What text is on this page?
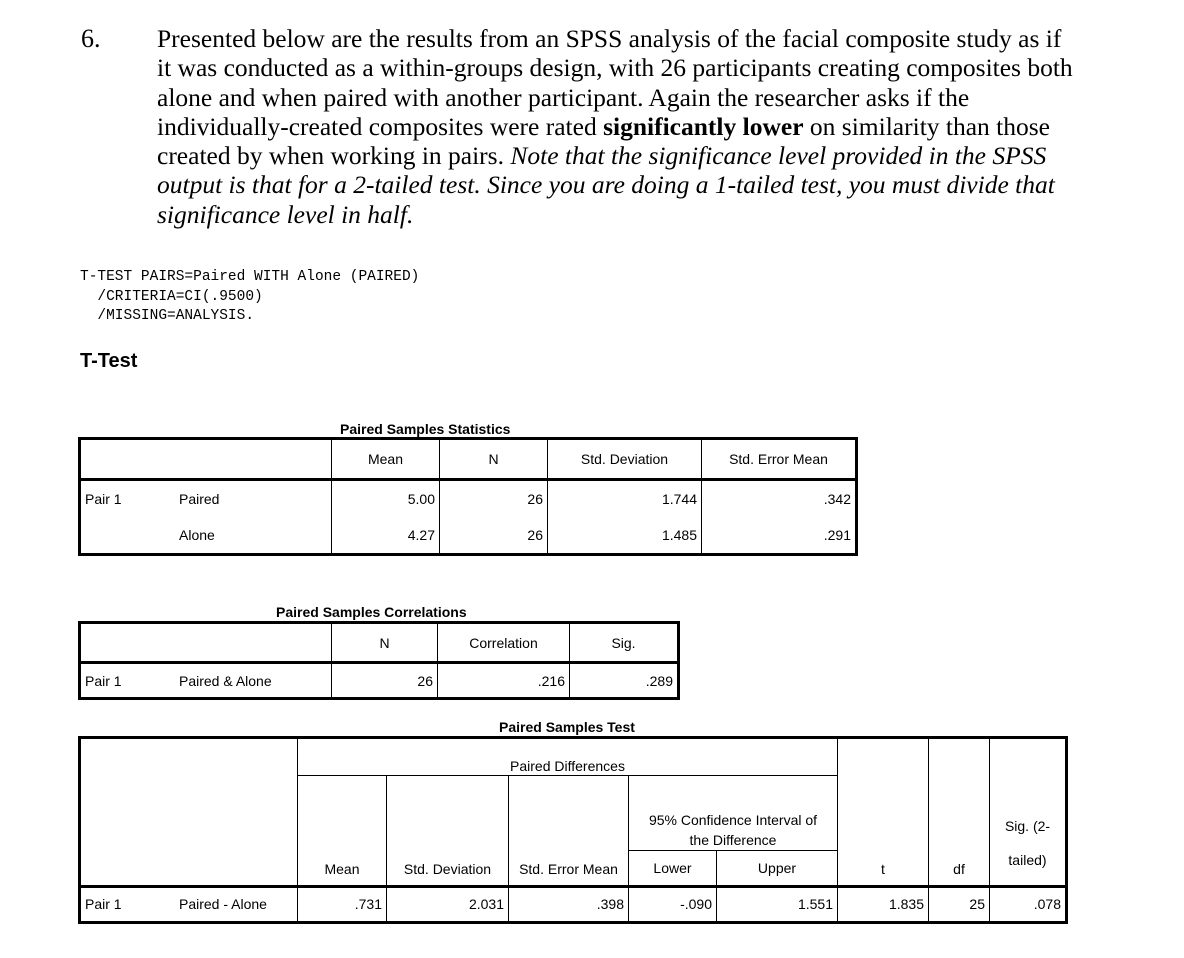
6. Presented below are the results from an SPSS analysis of the facial composite study as if
it was conducted as a within-groups design, with 26 participants creating composites both
alone and when paired with another participant. Again the researcher asks if the
individually-created composites were rated significantly lower on similarity than those
created by when working in pairs. Note that the significance level provided in the SPSS
output is that for a 2-tailed test. Since you are doing a 1-tailed test, you must divide that
significance level in half.
T-TEST PAIRS=Paired WITH Alone (PAIRED)
/CRITERIA=CI(.9500)
/MISSING=ANALYSIS.
T-Test
Paired Samples Statistics
		Mean	N	Std. Deviation	Std. Error Mean
Pair 1	Paired	5.00	26	1.744	.342
	Alone	4.27	26	1.485	.291
Paired Samples Correlations
		N	Correlation	Sig.
Pair 1	Paired & Alone	26	.216	.289
Paired Samples Test
		Paired Differences					t	df	Sig. (2-
tailed)

		Mean	Std. Deviation	Std. Error Mean	95% Confidence Interval of				
					the Difference				
					Lower	Upper			
Pair 1	Paired - Alone	.731	2.031	.398	-.090	1.551	1.835	25	.078
